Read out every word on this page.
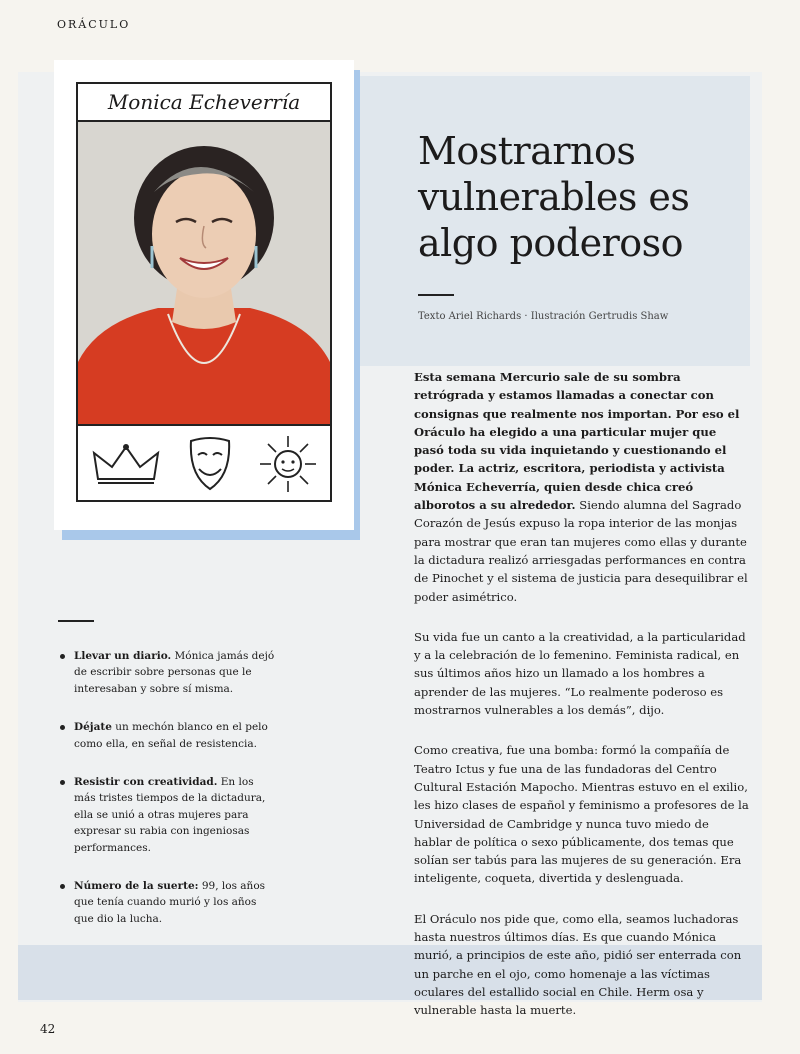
ORÁCULO
Monica Echeverría
Mostrarnos vulnerables es algo poderoso
Texto Ariel Richards · Ilustración Gertrudis Shaw

Esta semana Mercurio sale de su sombra retrógrada y estamos llamadas a conectar con consignas que realmente nos importan. Por eso el Oráculo ha elegido a una particular mujer que pasó toda su vida inquietando y cuestionando el poder. La actriz, escritora, periodista y activista Mónica Echeverría, quien desde chica creó alborotos a su alrededor. Siendo alumna del Sagrado Corazón de Jesús expuso la ropa interior de las monjas para mostrar que eran tan mujeres como ellas y durante la dictadura realizó arriesgadas performances en contra de Pinochet y el sistema de justicia para desequilibrar el poder asimétrico.

Su vida fue un canto a la creatividad, a la particularidad y a la celebración de lo femenino. Feminista radical, en sus últimos años hizo un llamado a los hombres a aprender de las mujeres. “Lo realmente poderoso es mostrarnos vulnerables a los demás”, dijo.

Como creativa, fue una bomba: formó la compañía de Teatro Ictus y fue una de las fundadoras del Centro Cultural Estación Mapocho. Mientras estuvo en el exilio, les hizo clases de español y feminismo a profesores de la Universidad de Cambridge y nunca tuvo miedo de hablar de política o sexo públicamente, dos temas que solían ser tabús para las mujeres de su generación. Era inteligente, coqueta, divertida y deslenguada.

El Oráculo nos pide que, como ella, seamos luchadoras hasta nuestros últimos días. Es que cuando Mónica murió, a principios de este año, pidió ser enterrada con un parche en el ojo, como homenaje a las víctimas oculares del estallido social en Chile. Herm osa y vulnerable hasta la muerte.

Llevar un diario. Mónica jamás dejó de escribir sobre personas que le interesaban y sobre sí misma.
Déjate un mechón blanco en el pelo como ella, en señal de resistencia.
Resistir con creatividad. En los más tristes tiempos de la dictadura, ella se unió a otras mujeres para expresar su rabia con ingeniosas performances.
Número de la suerte: 99, los años que tenía cuando murió y los años que dio la lucha.
42
